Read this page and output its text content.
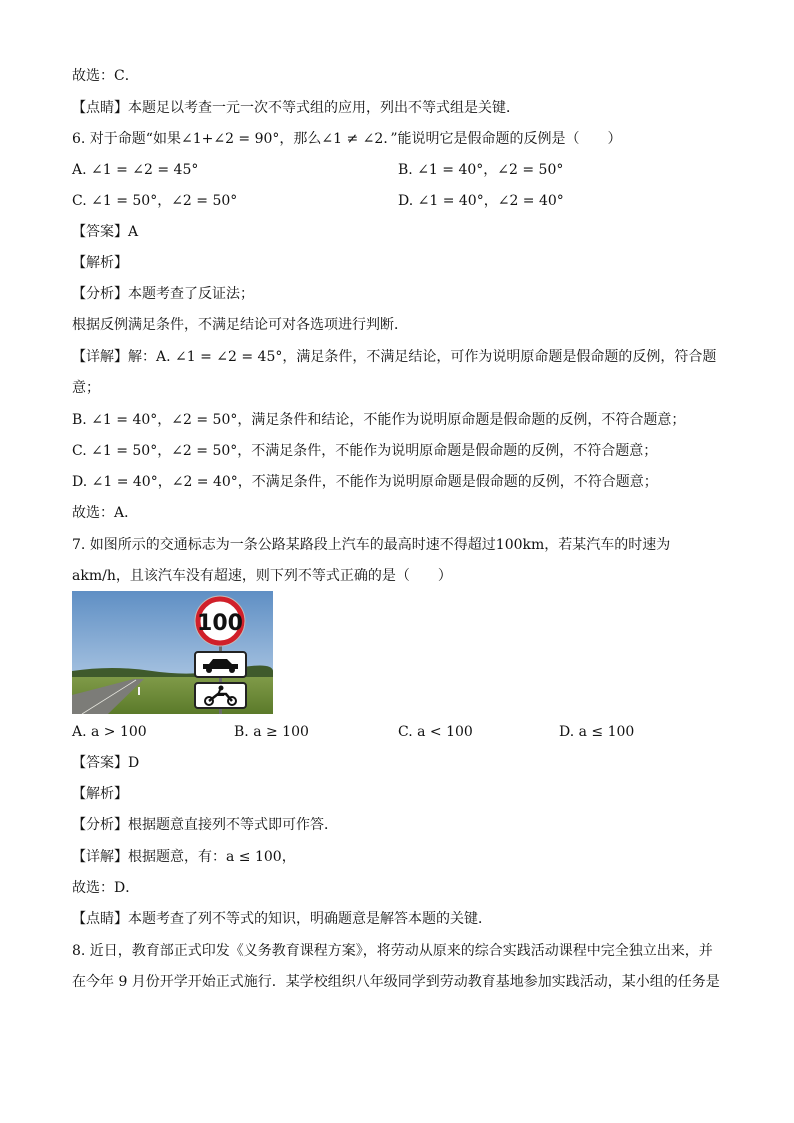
故选：C．
【点睛】本题足以考查一元一次不等式组的应用，列出不等式组是关键．
6. 对于命题“如果∠1+∠2 = 90°，那么∠1 ≠ ∠2．”能说明它是假命题的反例是（　　）
A. ∠1 = ∠2 = 45°	B. ∠1 = 40°，∠2 = 50°
C. ∠1 = 50°，∠2 = 50°	D. ∠1 = 40°，∠2 = 40°
【答案】A
【解析】
【分析】本题考查了反证法；
根据反例满足条件，不满足结论可对各选项进行判断．
【详解】解：A. ∠1 = ∠2 = 45°，满足条件，不满足结论，可作为说明原命题是假命题的反例，符合题
意；
B. ∠1 = 40°，∠2 = 50°，满足条件和结论，不能作为说明原命题是假命题的反例，不符合题意；
C. ∠1 = 50°，∠2 = 50°，不满足条件，不能作为说明原命题是假命题的反例，不符合题意；
D. ∠1 = 40°，∠2 = 40°，不满足条件，不能作为说明原命题是假命题的反例，不符合题意；
故选：A．
7. 如图所示的交通标志为一条公路某路段上汽车的最高时速不得超过100km，若某汽车的时速为
akm/h，且该汽车没有超速，则下列不等式正确的是（　　）
100
A. a > 100	B. a ≥ 100	C. a < 100	D. a ≤ 100
【答案】D
【解析】
【分析】根据题意直接列不等式即可作答．
【详解】根据题意，有：a ≤ 100，
故选：D．
【点睛】本题考查了列不等式的知识，明确题意是解答本题的关键．
8. 近日，教育部正式印发《义务教育课程方案》，将劳动从原来的综合实践活动课程中完全独立出来，并
在今年 9 月份开学开始正式施行．某学校组织八年级同学到劳动教育基地参加实践活动，某小组的任务是
